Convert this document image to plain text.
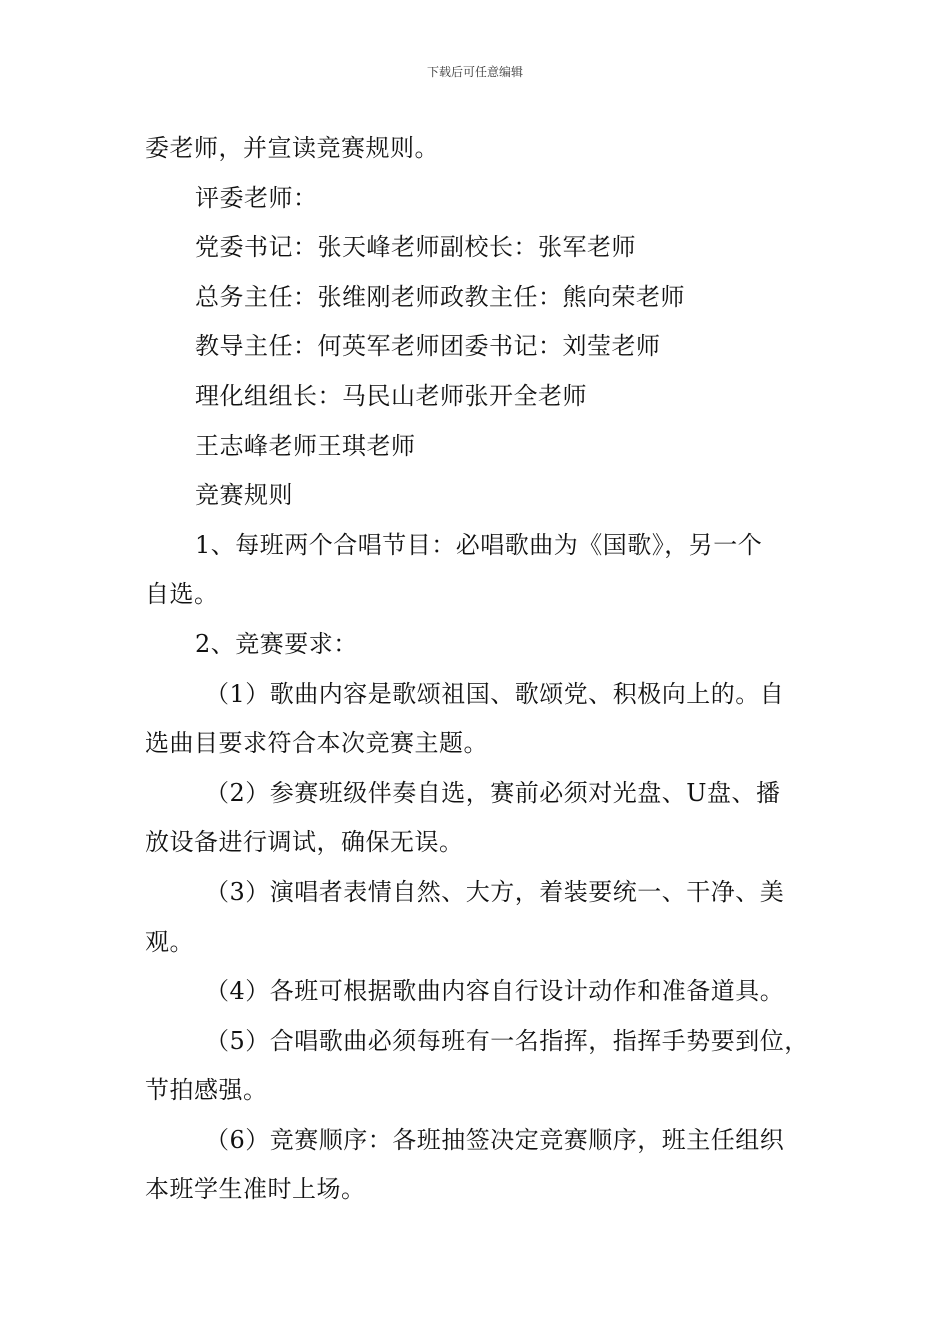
下载后可任意编辑
委老师，并宣读竞赛规则。
评委老师：
党委书记：张天峰老师副校长：张军老师
总务主任：张维刚老师政教主任：熊向荣老师
教导主任：何英军老师团委书记：刘莹老师
理化组组长：马民山老师张开全老师
王志峰老师王琪老师
竞赛规则
1、每班两个合唱节目：必唱歌曲为《国歌》，另一个
自选。
2、竞赛要求：
（1）歌曲内容是歌颂祖国、歌颂党、积极向上的。自
选曲目要求符合本次竞赛主题。
（2）参赛班级伴奏自选，赛前必须对光盘、U盘、播
放设备进行调试，确保无误。
（3）演唱者表情自然、大方，着装要统一、干净、美
观。
（4）各班可根据歌曲内容自行设计动作和准备道具。
（5）合唱歌曲必须每班有一名指挥，指挥手势要到位，
节拍感强。
（6）竞赛顺序：各班抽签决定竞赛顺序，班主任组织
本班学生准时上场。
